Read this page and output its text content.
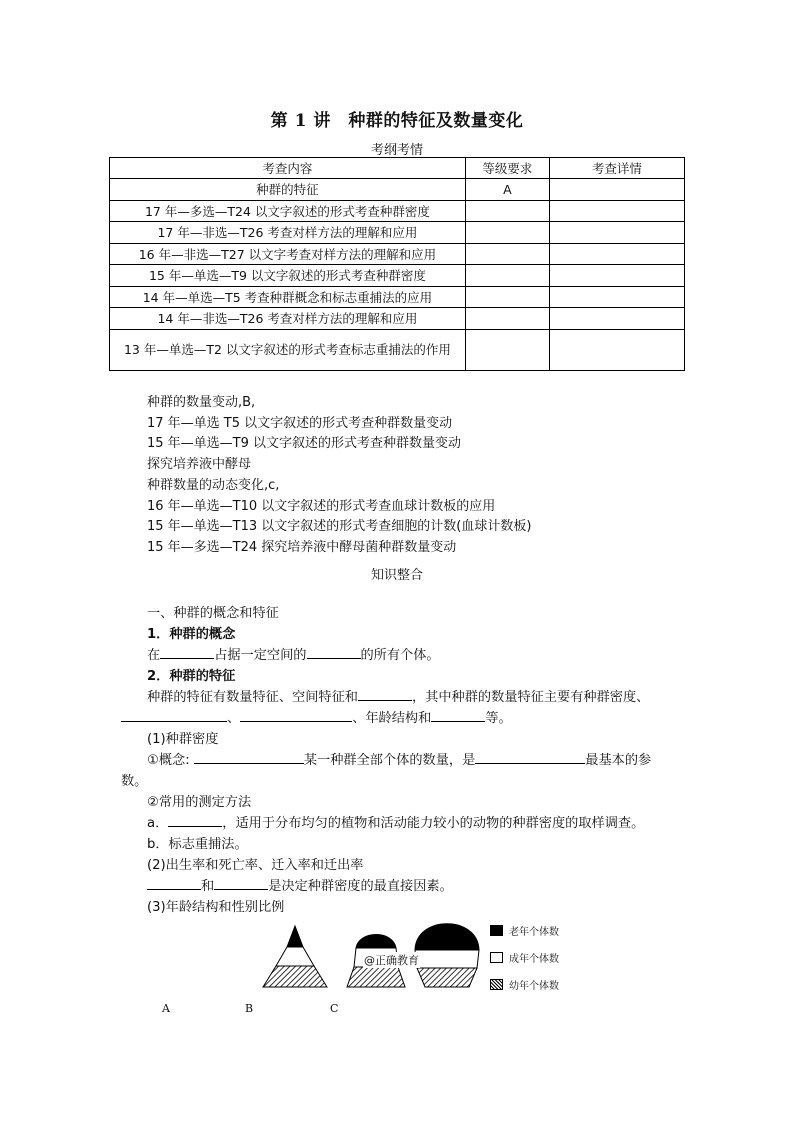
第 1 讲　种群的特征及数量变化
考纲考情
考查内容	等级要求	考查详情
种群的特征	A	
17 年—多选—T24 以文字叙述的形式考查种群密度		
17 年—非选—T26 考查对样方法的理解和应用		
16 年—非选—T27 以文字考查对样方法的理解和应用		
15 年—单选—T9 以文字叙述的形式考查种群密度		
14 年—单选—T5 考查种群概念和标志重捕法的应用		
14 年—非选—T26 考查对样方法的理解和应用		
13 年—单选—T2 以文字叙述的形式考查标志重捕法的作用		
种群的数量变动,B,
17 年—单选 T5 以文字叙述的形式考查种群数量变动
15 年—单选—T9 以文字叙述的形式考查种群数量变动
探究培养液中酵母
种群数量的动态变化,c,
16 年—单选—T10 以文字叙述的形式考查血球计数板的应用
15 年—单选—T13 以文字叙述的形式考查细胞的计数(血球计数板)
15 年—多选—T24 探究培养液中酵母菌种群数量变动
知识整合
一、种群的概念和特征
1．种群的概念
在	占据一定空间的	的所有个体。
2．种群的特征
种群的特征有数量特征、空间特征和	，其中种群的数量特征主要有种群密度、
、	、年龄结构和	等。
(1)种群密度
①概念:	某一种群全部个体的数量，是	最基本的参
数。
②常用的测定方法
a．	，适用于分布均匀的植物和活动能力较小的动物的种群密度的取样调查。
b．标志重捕法。
(2)出生率和死亡率、迁入率和迁出率
和	是决定种群密度的最直接因素。
(3)年龄结构和性别比例
@正确教育
老年个体数
成年个体数
幼年个体数
A	B	C
